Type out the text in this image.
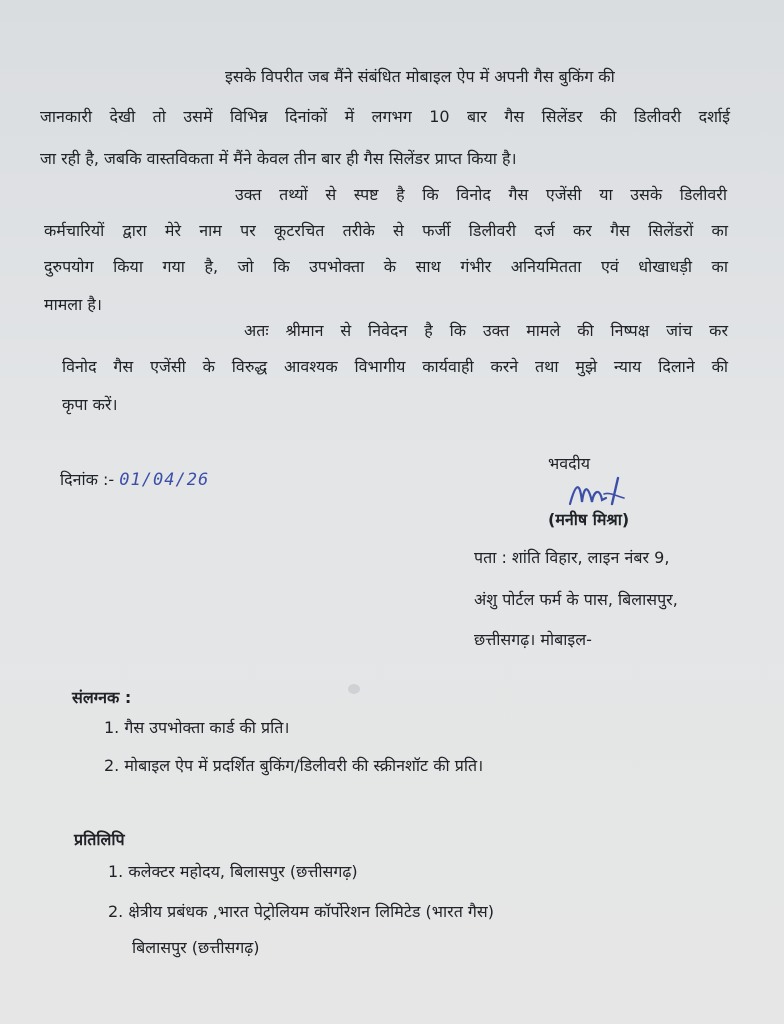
इसके विपरीत जब मैंने संबंधित मोबाइल ऐप में अपनी गैस बुकिंग की

जानकारी देखी तो उसमें विभिन्न दिनांकों में लगभग 10 बार गैस सिलेंडर की डिलीवरी दर्शाई

जा रही है, जबकि वास्तविकता में मैंने केवल तीन बार ही गैस सिलेंडर प्राप्त किया है।

उक्त तथ्यों से स्पष्ट है कि विनोद गैस एजेंसी या उसके डिलीवरी

कर्मचारियों द्वारा मेरे नाम पर कूटरचित तरीके से फर्जी डिलीवरी दर्ज कर गैस सिलेंडरों का

दुरुपयोग किया गया है, जो कि उपभोक्ता के साथ गंभीर अनियमितता एवं धोखाधड़ी का

मामला है।

अतः श्रीमान से निवेदन है कि उक्त मामले की निष्पक्ष जांच कर

विनोद गैस एजेंसी के विरुद्ध आवश्यक विभागीय कार्यवाही करने तथा मुझे न्याय दिलाने की

कृपा करें।

दिनांक :- 01/04/26
भवदीय
(मनीष मिश्रा)
पता : शांति विहार, लाइन नंबर 9,
अंशु पोर्टल फर्म के पास, बिलासपुर,
छत्तीसगढ़। मोबाइल-
संलग्नक :
1. गैस उपभोक्ता कार्ड की प्रति।
2. मोबाइल ऐप में प्रदर्शित बुकिंग/डिलीवरी की स्क्रीनशॉट की प्रति।
प्रतिलिपि
1. कलेक्टर महोदय, बिलासपुर (छत्तीसगढ़)
2. क्षेत्रीय प्रबंधक ,भारत पेट्रोलियम कॉर्पोरेशन लिमिटेड (भारत गैस)
बिलासपुर (छत्तीसगढ़)
